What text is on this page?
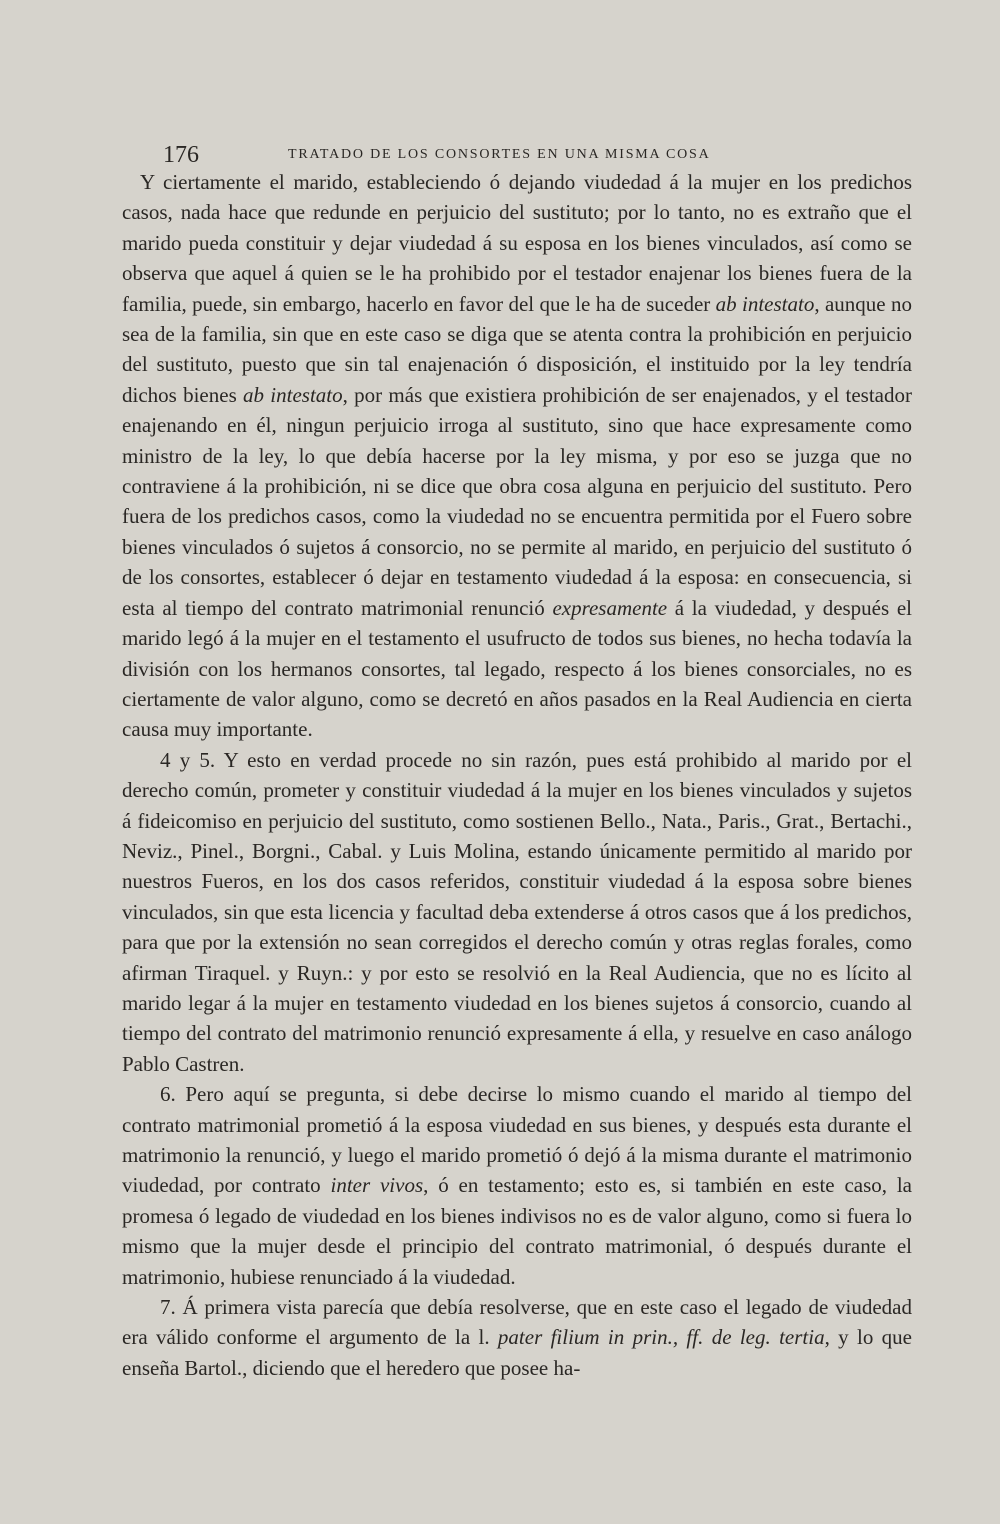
176	TRATADO DE LOS CONSORTES EN UNA MISMA COSA

Y ciertamente el marido, estableciendo ó dejando viudedad á la mujer en los predichos casos, nada hace que redunde en perjuicio del sustituto; por lo tanto, no es extraño que el marido pueda constituir y dejar viudedad á su esposa en los bienes vinculados, así como se observa que aquel á quien se le ha prohibido por el testador enajenar los bienes fuera de la familia, puede, sin embargo, hacerlo en favor del que le ha de suceder ab intestato, aunque no sea de la familia, sin que en este caso se diga que se atenta contra la prohibición en perjuicio del sustituto, puesto que sin tal enajenación ó disposición, el instituido por la ley tendría dichos bienes ab intestato, por más que existiera prohibición de ser enajenados, y el testador enajenando en él, ningun perjuicio irroga al sustituto, sino que hace expresamente como ministro de la ley, lo que debía hacerse por la ley misma, y por eso se juzga que no contraviene á la prohibición, ni se dice que obra cosa alguna en perjuicio del sustituto. Pero fuera de los predichos casos, como la viudedad no se encuentra permitida por el Fuero sobre bienes vinculados ó sujetos á consorcio, no se permite al marido, en perjuicio del sustituto ó de los consortes, establecer ó dejar en testamento viudedad á la esposa: en consecuencia, si esta al tiempo del contrato matrimonial renunció expresamente á la viudedad, y después el marido legó á la mujer en el testamento el usufructo de todos sus bienes, no hecha todavía la división con los hermanos consortes, tal legado, respecto á los bienes consorciales, no es ciertamente de valor alguno, como se decretó en años pasados en la Real Audiencia en cierta causa muy importante.

4 y 5. Y esto en verdad procede no sin razón, pues está prohibido al marido por el derecho común, prometer y constituir viudedad á la mujer en los bienes vinculados y sujetos á fideicomiso en perjuicio del sustituto, como sostienen Bello., Nata., Paris., Grat., Bertachi., Neviz., Pinel., Borgni., Cabal. y Luis Molina, estando únicamente permitido al marido por nuestros Fueros, en los dos casos referidos, constituir viudedad á la esposa sobre bienes vinculados, sin que esta licencia y facultad deba extenderse á otros casos que á los predichos, para que por la extensión no sean corregidos el derecho común y otras reglas forales, como afirman Tiraquel. y Ruyn.: y por esto se resolvió en la Real Audiencia, que no es lícito al marido legar á la mujer en testamento viudedad en los bienes sujetos á consorcio, cuando al tiempo del contrato del matrimonio renunció expresamente á ella, y resuelve en caso análogo Pablo Castren.

6. Pero aquí se pregunta, si debe decirse lo mismo cuando el marido al tiempo del contrato matrimonial prometió á la esposa viudedad en sus bienes, y después esta durante el matrimonio la renunció, y luego el marido prometió ó dejó á la misma durante el matrimonio viudedad, por contrato inter vivos, ó en testamento; esto es, si también en este caso, la promesa ó legado de viudedad en los bienes indivisos no es de valor alguno, como si fuera lo mismo que la mujer desde el principio del contrato matrimonial, ó después durante el matrimonio, hubiese renunciado á la viudedad.

7. Á primera vista parecía que debía resolverse, que en este caso el legado de viudedad era válido conforme el argumento de la l. pater filium in prin., ff. de leg. tertia, y lo que enseña Bartol., diciendo que el heredero que posee ha-
